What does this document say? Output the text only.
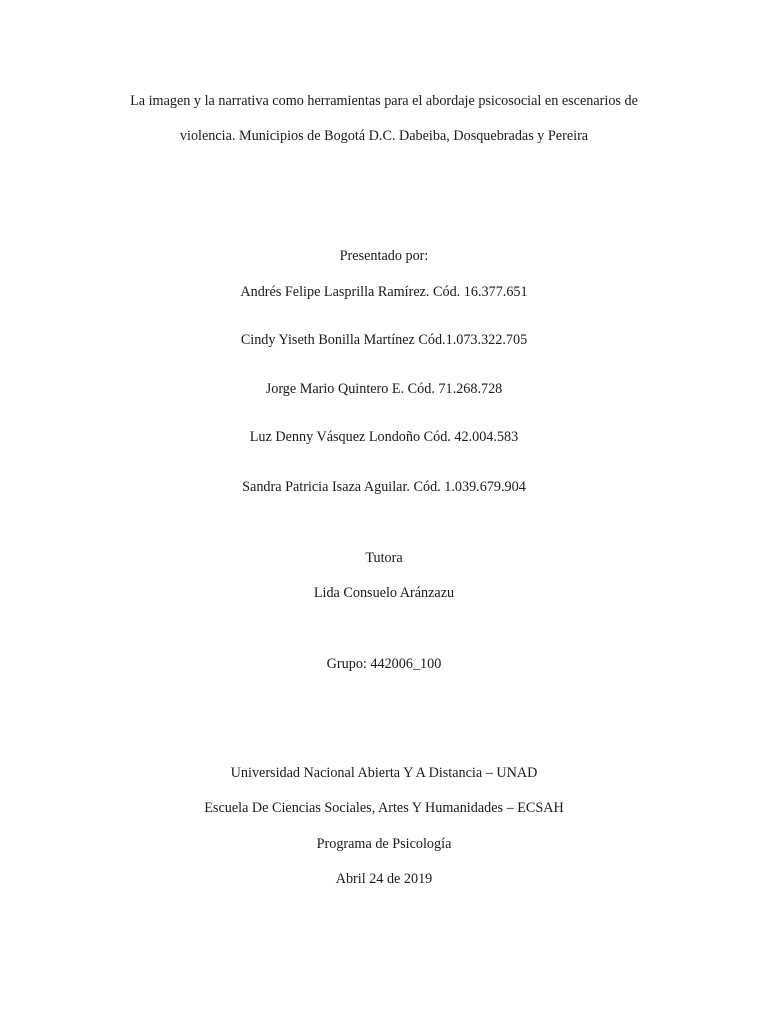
La imagen y la narrativa como herramientas para el abordaje psicosocial en escenarios de
violencia. Municipios de Bogotá D.C. Dabeiba, Dosquebradas y Pereira
Presentado por:
Andrés Felipe Lasprilla Ramírez. Cód. 16.377.651
Cindy Yiseth Bonilla Martínez Cód.1.073.322.705
Jorge Mario Quintero E. Cód. 71.268.728
Luz Denny Vásquez Londoño Cód. 42.004.583
Sandra Patricia Isaza Aguilar. Cód. 1.039.679.904
Tutora
Lida Consuelo Aránzazu
Grupo: 442006_100
Universidad Nacional Abierta Y A Distancia – UNAD
Escuela De Ciencias Sociales, Artes Y Humanidades – ECSAH
Programa de Psicología
Abril 24 de 2019
